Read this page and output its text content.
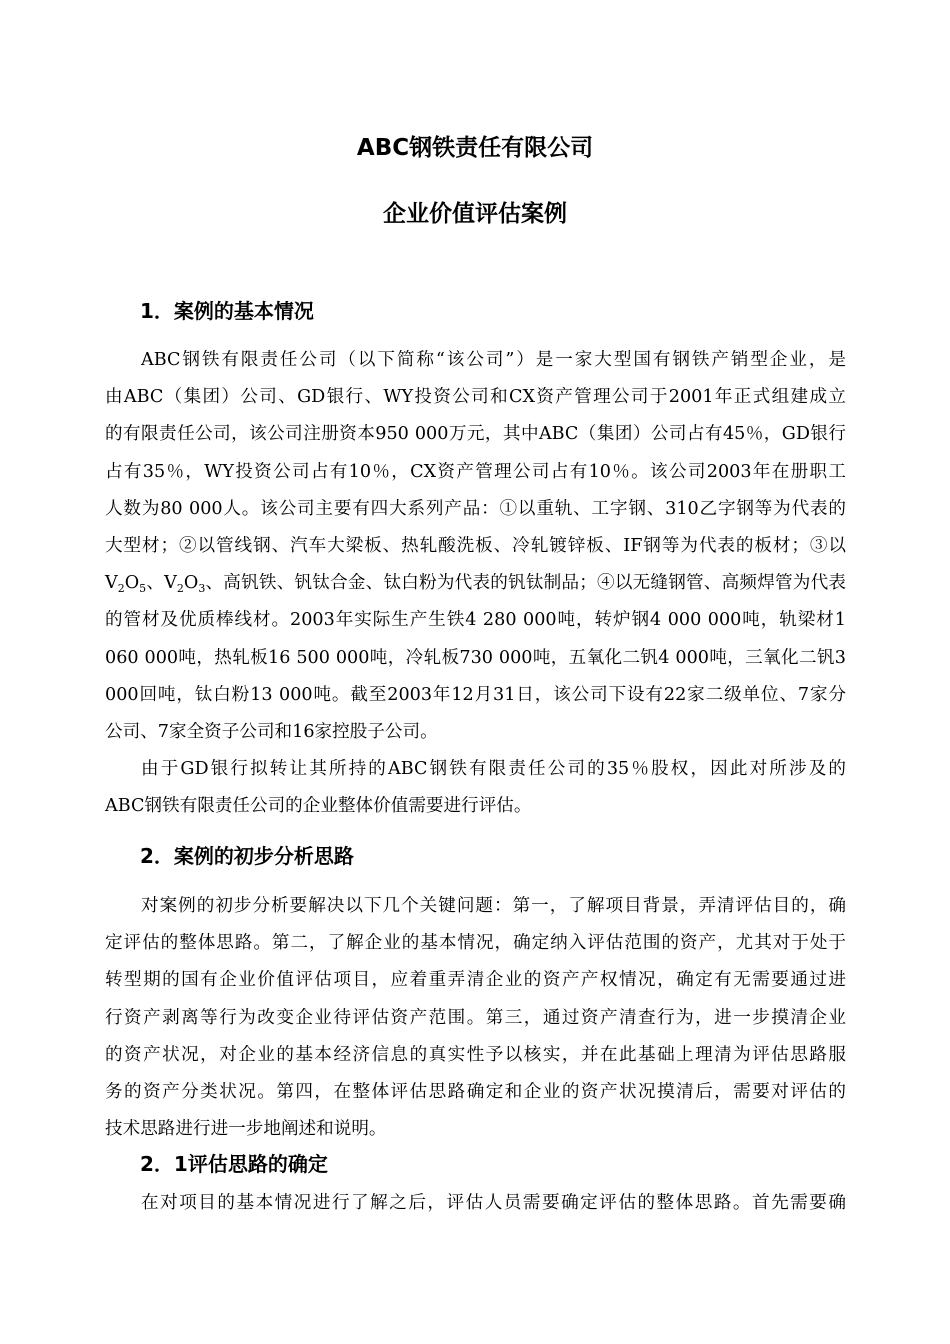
ABC钢铁责任有限公司
企业价值评估案例
1．案例的基本情况
ABC钢铁有限责任公司（以下简称“该公司”）是一家大型国有钢铁产销型企业，是
由ABC（集团）公司、GD银行、WY投资公司和CX资产管理公司于2001年正式组建成立
的有限责任公司，该公司注册资本950 000万元，其中ABC（集团）公司占有45％，GD银行
占有35％，WY投资公司占有10％，CX资产管理公司占有10％。该公司2003年在册职工
人数为80 000人。该公司主要有四大系列产品：①以重轨、工字钢、310乙字钢等为代表的
大型材；②以管线钢、汽车大梁板、热轧酸洗板、冷轧镀锌板、IF钢等为代表的板材；③以
$V_2O_5$、$V_2O_3$、高钒铁、钒钛合金、钛白粉为代表的钒钛制品；④以无缝钢管、高频焊管为代表
的管材及优质棒线材。2003年实际生产生铁4 280 000吨，转炉钢4 000 000吨，轨梁材1
060 000吨，热轧板16 500 000吨，冷轧板730 000吨，五氧化二钒4 000吨，三氧化二钒3
000回吨，钛白粉13 000吨。截至2003年12月31日，该公司下设有22家二级单位、7家分
公司、7家全资子公司和16家控股子公司。
由于GD银行拟转让其所持的ABC钢铁有限责任公司的35％股权，因此对所涉及的
ABC钢铁有限责任公司的企业整体价值需要进行评估。
2．案例的初步分析思路
对案例的初步分析要解决以下几个关键问题：第一，了解项目背景，弄清评估目的，确
定评估的整体思路。第二，了解企业的基本情况，确定纳入评估范围的资产，尤其对于处于
转型期的国有企业价值评估项目，应着重弄清企业的资产产权情况，确定有无需要通过进
行资产剥离等行为改变企业待评估资产范围。第三，通过资产清查行为，进一步摸清企业
的资产状况，对企业的基本经济信息的真实性予以核实，并在此基础上理清为评估思路服
务的资产分类状况。第四，在整体评估思路确定和企业的资产状况摸清后，需要对评估的
技术思路进行进一步地阐述和说明。
2．1评估思路的确定
在对项目的基本情况进行了解之后，评估人员需要确定评估的整体思路。首先需要确
